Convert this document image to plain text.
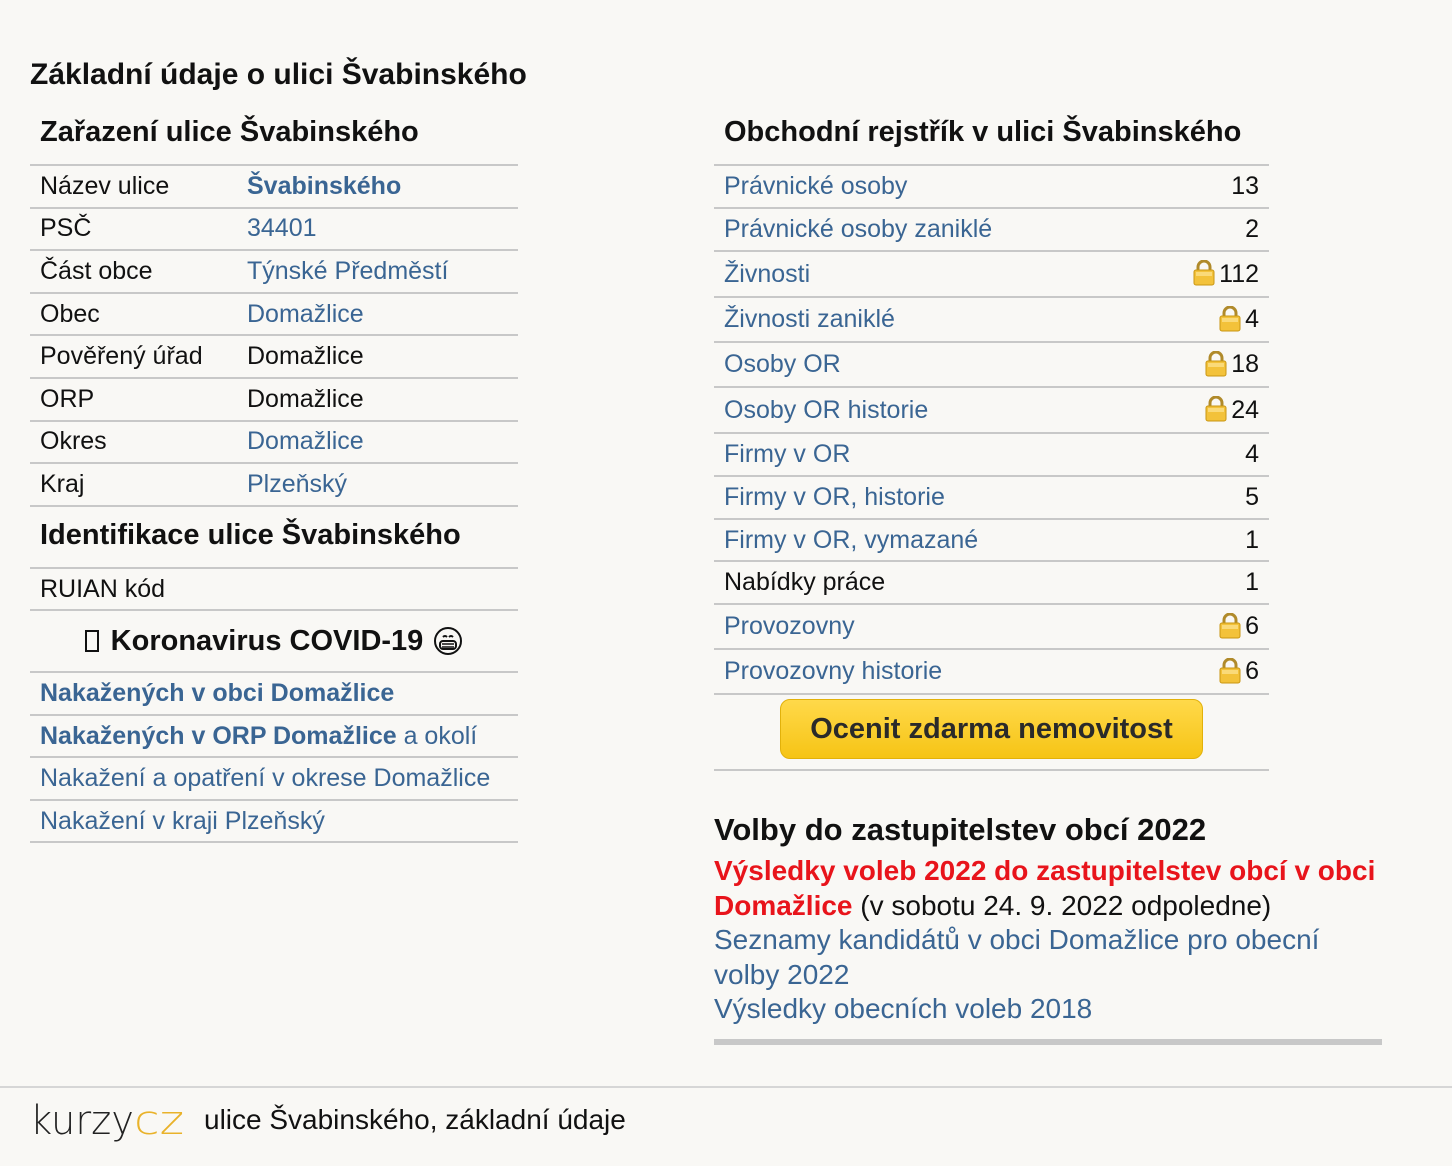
Základní údaje o ulici Švabinského
Zařazení ulice Švabinského
Název ulice	Švabinského
PSČ	34401
Část obce	Týnské Předměstí
Obec	Domažlice
Pověřený úřad	Domažlice
ORP	Domažlice
Okres	Domažlice
Kraj	Plzeňský
Identifikace ulice Švabinského
RUIAN kód
Koronavirus COVID-19
Nakažených v obci Domažlice
Nakažených v ORP Domažlice a okolí
Nakažení a opatření v okrese Domažlice
Nakažení v kraji Plzeňský
Obchodní rejstřík v ulici Švabinského
Právnické osoby	13
Právnické osoby zaniklé	2
Živnosti	112
Živnosti zaniklé	4
Osoby OR	18
Osoby OR historie	24
Firmy v OR	4
Firmy v OR, historie	5
Firmy v OR, vymazané	1
Nabídky práce	1
Provozovny	6
Provozovny historie	6
Ocenit zdarma nemovitost
Volby do zastupitelstev obcí 2022

Výsledky voleb 2022 do zastupitelstev obcí v obci Domažlice (v sobotu 24. 9. 2022 odpoledne)

Seznamy kandidátů v obci Domažlice pro obecní volby 2022

Výsledky obecních voleb 2018

kurzy cz ulice Švabinského, základní údaje
